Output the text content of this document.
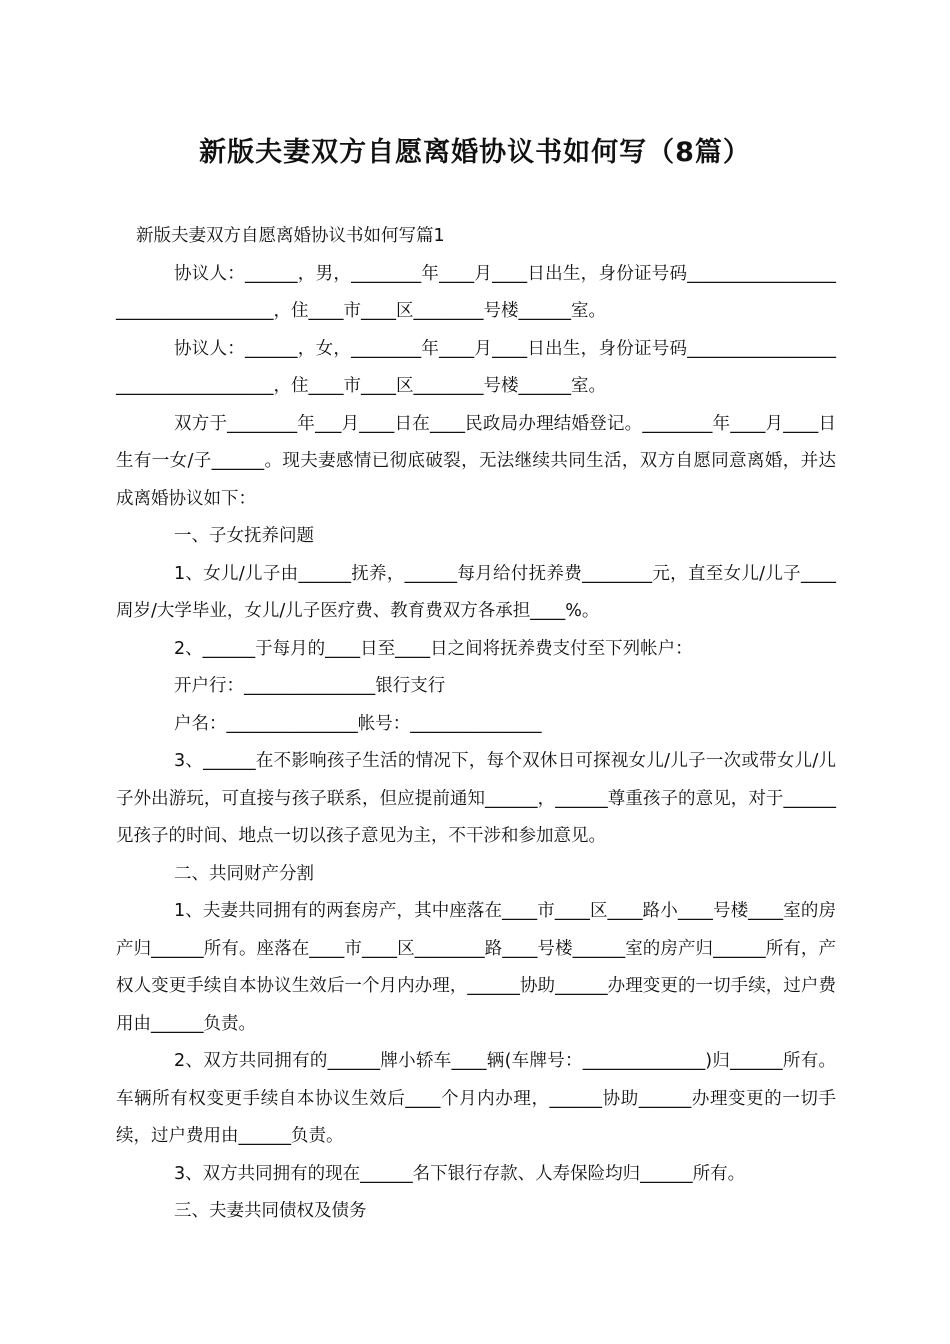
新版夫妻双方自愿离婚协议书如何写（8篇）

新版夫妻双方自愿离婚协议书如何写篇1

协议人：______，男，________年____月____日出生，身份证号码___________________________________，住____市____区________号楼______室。

协议人：______，女，________年____月____日出生，身份证号码___________________________________，住____市____区________号楼______室。

双方于________年___月____日在____民政局办理结婚登记。________年____月____日生有一女/子______。现夫妻感情已彻底破裂，无法继续共同生活，双方自愿同意离婚，并达成离婚协议如下：

一、子女抚养问题

1、女儿/儿子由______抚养，______每月给付抚养费________元，直至女儿/儿子____周岁/大学毕业，女儿/儿子医疗费、教育费双方各承担____%。

2、______于每月的____日至____日之间将抚养费支付至下列帐户：

开户行：_______________银行支行

户名：_______________帐号：_______________

3、______在不影响孩子生活的情况下，每个双休日可探视女儿/儿子一次或带女儿/儿子外出游玩，可直接与孩子联系，但应提前通知______，______尊重孩子的意见，对于______见孩子的时间、地点一切以孩子意见为主，不干涉和参加意见。

二、共同财产分割

1、夫妻共同拥有的两套房产，其中座落在____市____区____路小____号楼____室的房产归______所有。座落在____市____区________路____号楼______室的房产归______所有，产权人变更手续自本协议生效后一个月内办理，______协助______办理变更的一切手续，过户费用由______负责。

2、双方共同拥有的______牌小轿车____辆(车牌号：______________)归______所有。车辆所有权变更手续自本协议生效后____个月内办理，______协助______办理变更的一切手续，过户费用由______负责。

3、双方共同拥有的现在______名下银行存款、人寿保险均归______所有。

三、夫妻共同债权及债务
